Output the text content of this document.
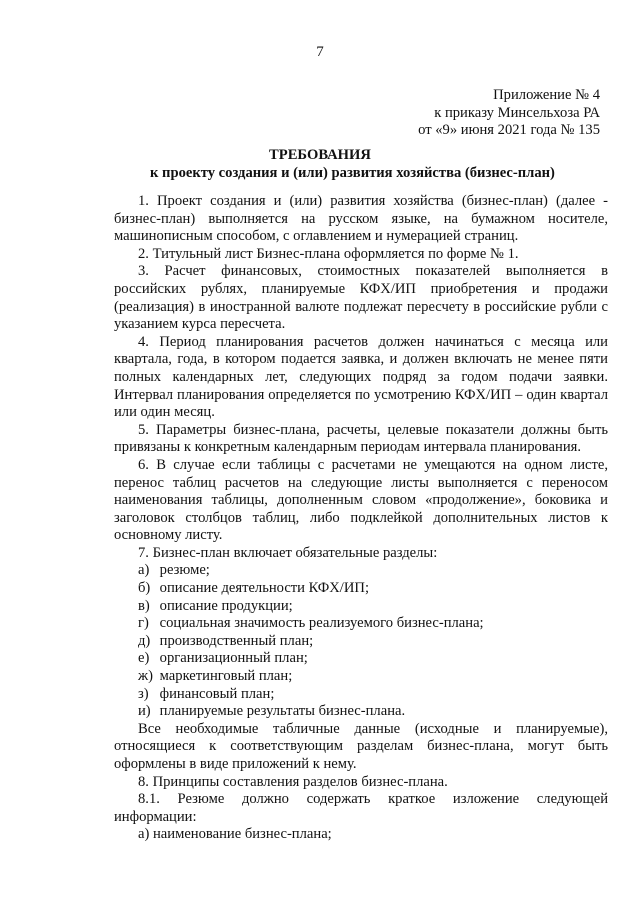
7
Приложение № 4
к приказу Минсельхоза РА
от «9» июня 2021 года № 135
ТРЕБОВАНИЯ
к проекту создания и (или) развития хозяйства (бизнес-план)

1. Проект создания и (или) развития хозяйства (бизнес-план) (далее - бизнес-план) выполняется на русском языке, на бумажном носителе, машинописным способом, с оглавлением и нумерацией страниц.

2. Титульный лист Бизнес-плана оформляется по форме № 1.

3. Расчет финансовых, стоимостных показателей выполняется в российских рублях, планируемые КФХ/ИП приобретения и продажи (реализация) в иностранной валюте подлежат пересчету в российские рубли с указанием курса пересчета.

4. Период планирования расчетов должен начинаться с месяца или квартала, года, в котором подается заявка, и должен включать не менее пяти полных календарных лет, следующих подряд за годом подачи заявки. Интервал планирования определяется по усмотрению КФХ/ИП – один квартал или один месяц.

5. Параметры бизнес-плана, расчеты, целевые показатели должны быть привязаны к конкретным календарным периодам интервала планирования.

6. В случае если таблицы с расчетами не умещаются на одном листе, перенос таблиц расчетов на следующие листы выполняется с переносом наименования таблицы, дополненным словом «продолжение», боковика и заголовок столбцов таблиц, либо подклейкой дополнительных листов к основному листу.

7. Бизнес-план включает обязательные разделы:

а) резюме;
б) описание деятельности КФХ/ИП;
в) описание продукции;
г) социальная значимость реализуемого бизнес-плана;
д) производственный план;
е) организационный план;
ж) маркетинговый план;
з) финансовый план;
и) планируемые результаты бизнес-плана.

Все необходимые табличные данные (исходные и планируемые), относящиеся к соответствующим разделам бизнес-плана, могут быть оформлены в виде приложений к нему.

8. Принципы составления разделов бизнес-плана.

8.1. Резюме должно содержать краткое изложение следующей информации:

а) наименование бизнес-плана;
